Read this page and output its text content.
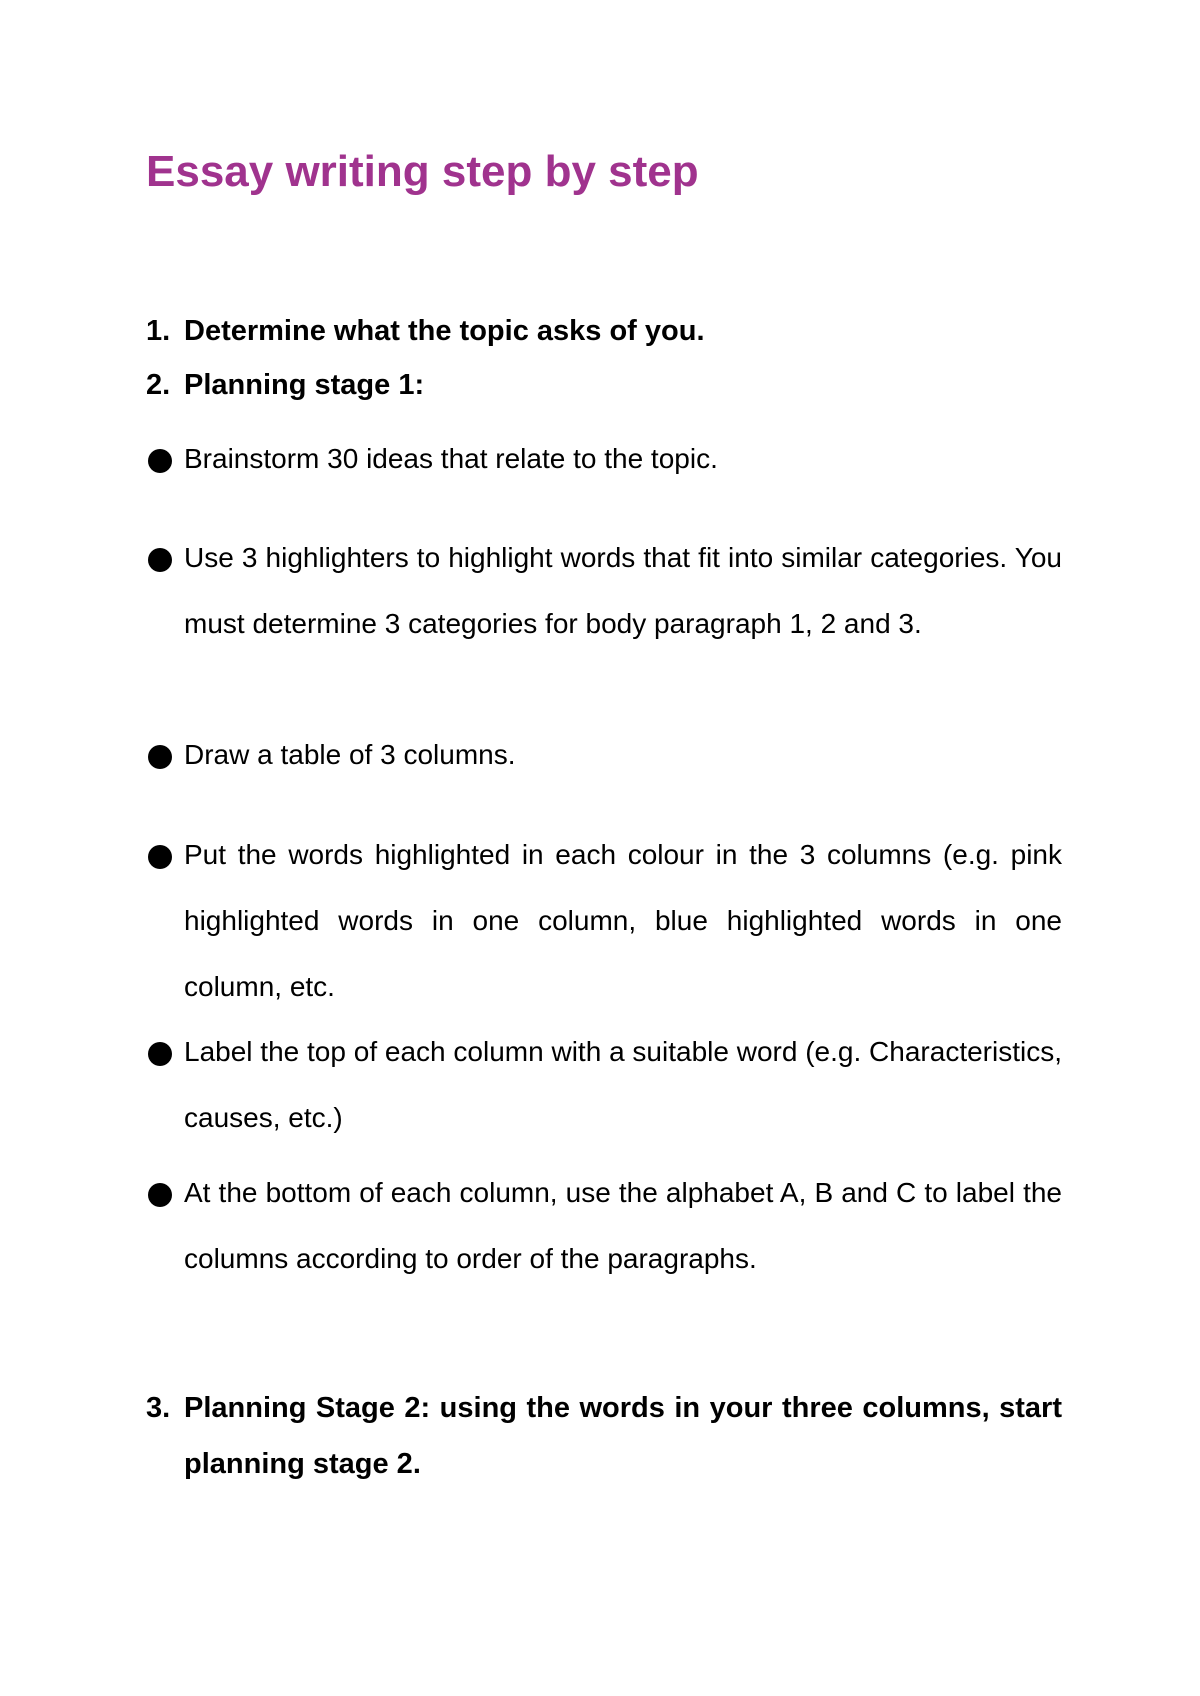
Essay writing step by step
1. Determine what the topic asks of you.
2. Planning stage 1:
Brainstorm 30 ideas that relate to the topic.
Use 3 highlighters to highlight words that fit into similar categories. You must determine 3 categories for body paragraph 1, 2 and 3.
Draw a table of 3 columns.
Put the words highlighted in each colour in the 3 columns (e.g. pink highlighted words in one column, blue highlighted words in one column, etc.
Label the top of each column with a suitable word (e.g. Characteristics, causes, etc.)
At the bottom of each column, use the alphabet A, B and C to label the columns according to order of the paragraphs.
3. Planning Stage 2: using the words in your three columns, start planning stage 2.
